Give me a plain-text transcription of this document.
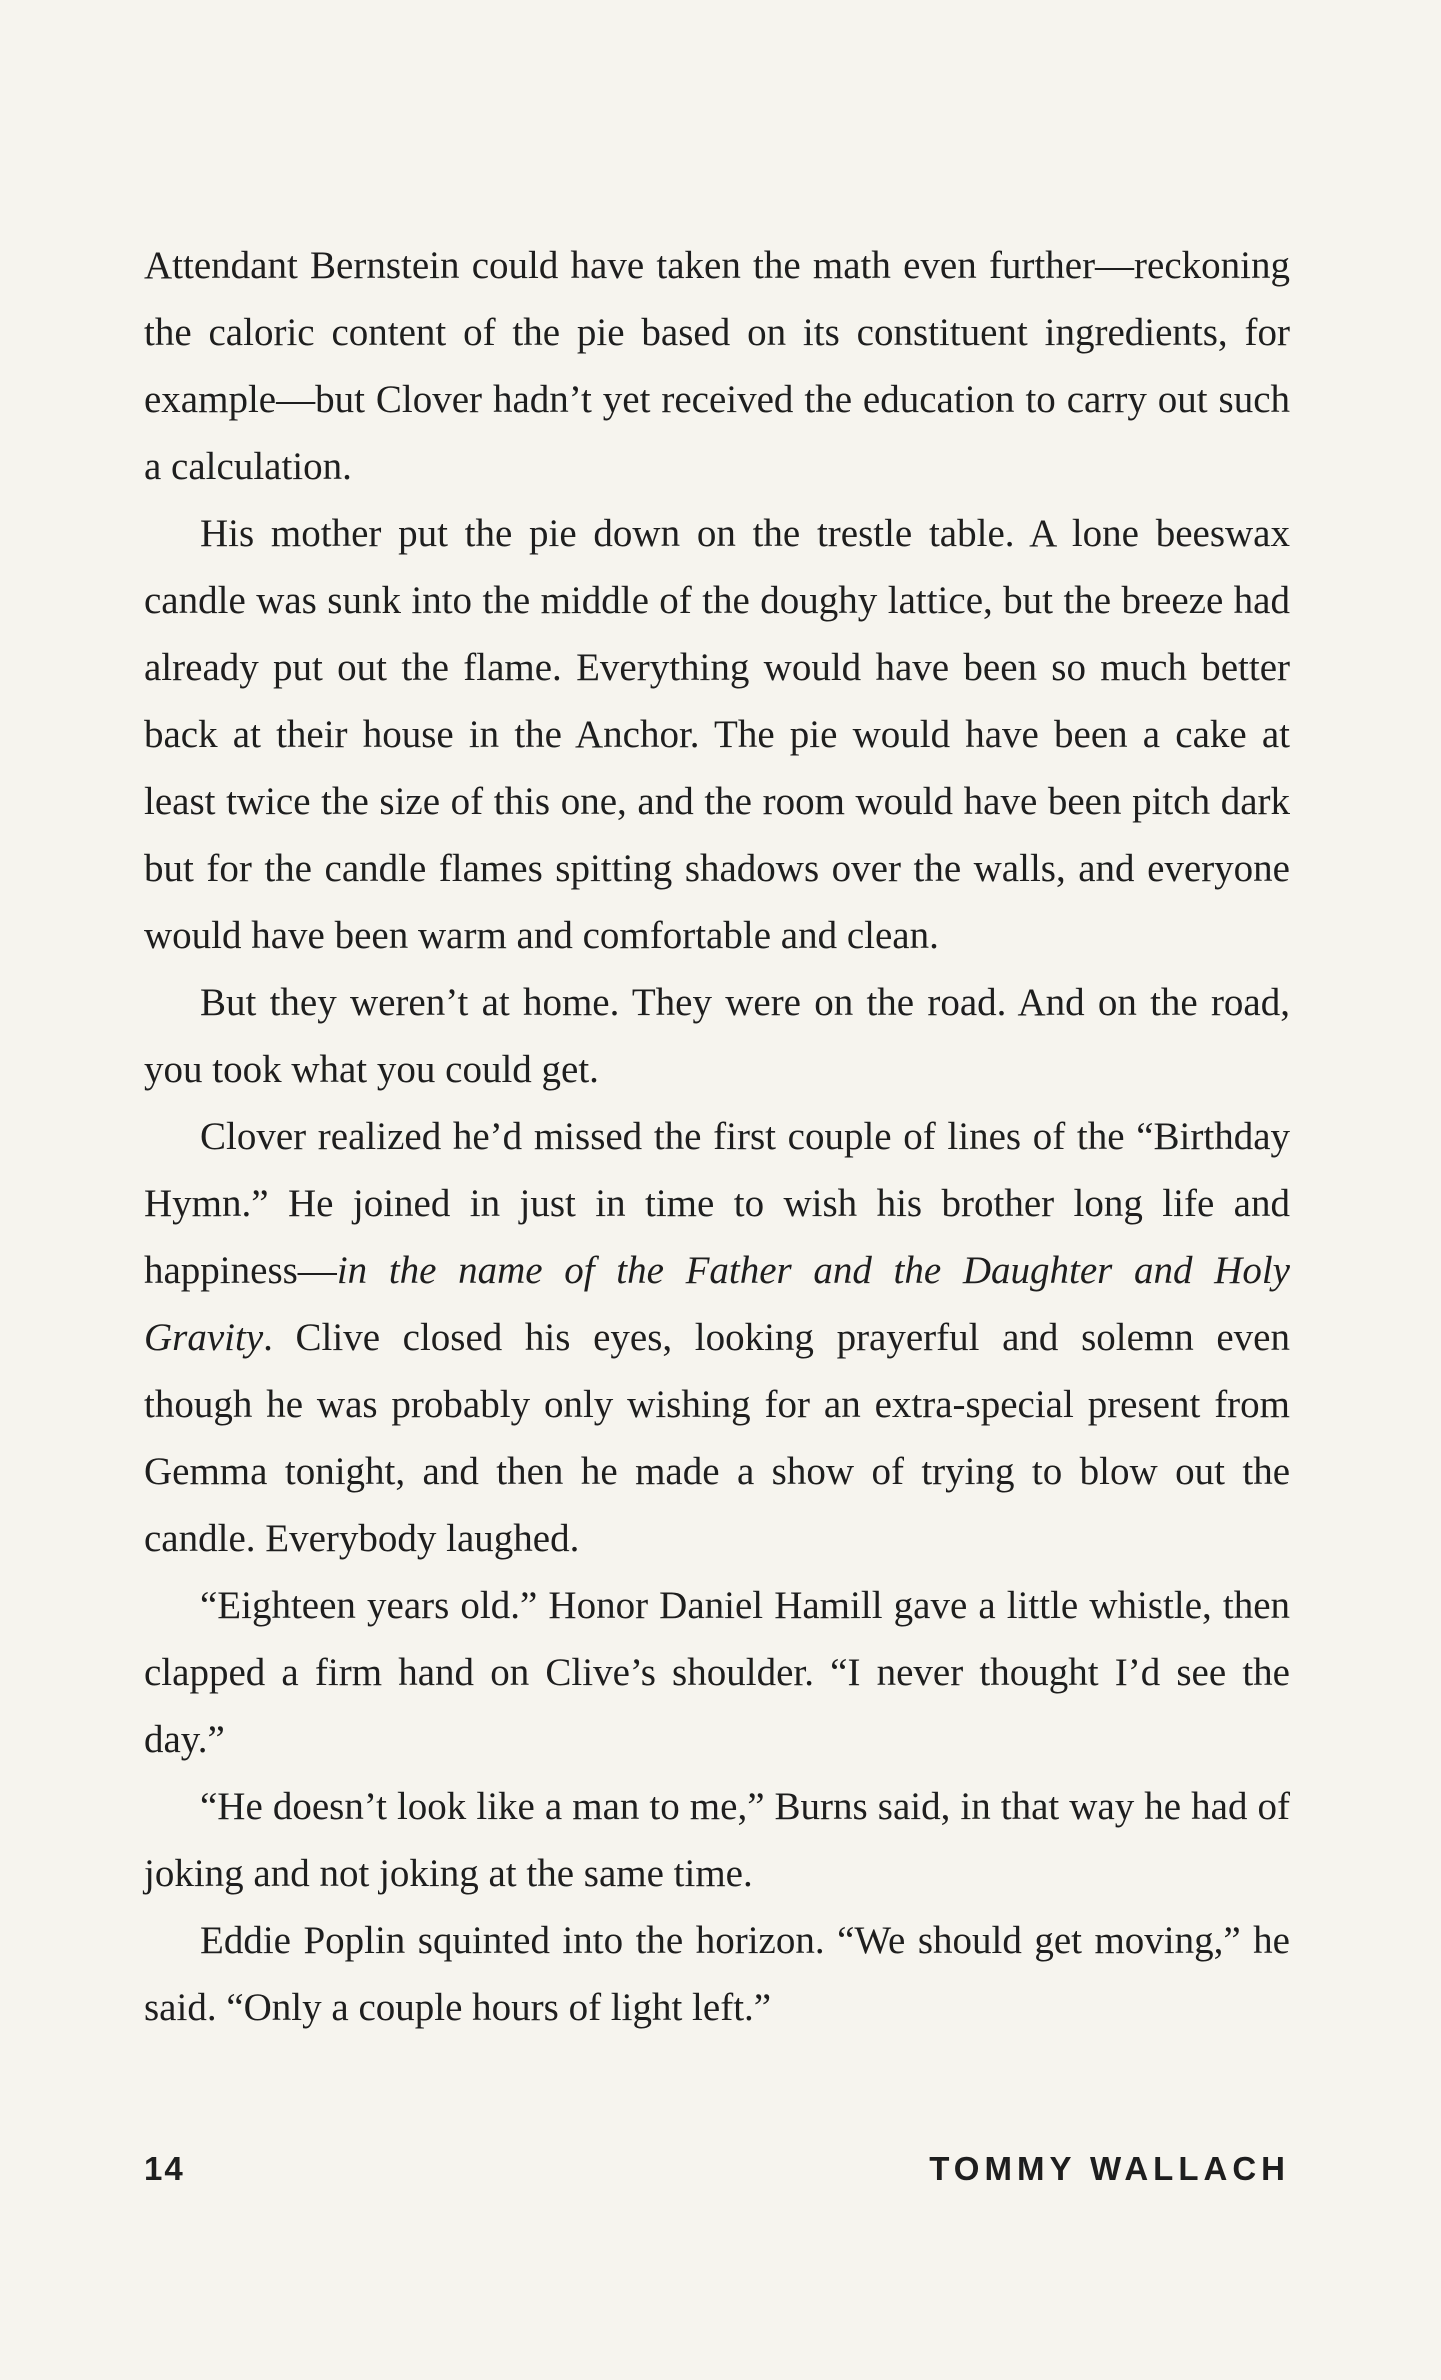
Attendant Bernstein could have taken the math even further—reckoning the caloric content of the pie based on its constituent ingredients, for example—but Clover hadn’t yet received the education to carry out such a calculation.

His mother put the pie down on the trestle table. A lone beeswax candle was sunk into the middle of the doughy lattice, but the breeze had already put out the flame. Everything would have been so much better back at their house in the Anchor. The pie would have been a cake at least twice the size of this one, and the room would have been pitch dark but for the candle flames spitting shadows over the walls, and everyone would have been warm and comfortable and clean.

But they weren’t at home. They were on the road. And on the road, you took what you could get.

Clover realized he’d missed the first couple of lines of the “Birthday Hymn.” He joined in just in time to wish his brother long life and happiness—in the name of the Father and the Daughter and Holy Gravity. Clive closed his eyes, looking prayerful and solemn even though he was probably only wishing for an extra-special present from Gemma tonight, and then he made a show of trying to blow out the candle. Everybody laughed.

“Eighteen years old.” Honor Daniel Hamill gave a little whistle, then clapped a firm hand on Clive’s shoulder. “I never thought I’d see the day.”

“He doesn’t look like a man to me,” Burns said, in that way he had of joking and not joking at the same time.

Eddie Poplin squinted into the horizon. “We should get moving,” he said. “Only a couple hours of light left.”

14	TOMMY WALLACH
